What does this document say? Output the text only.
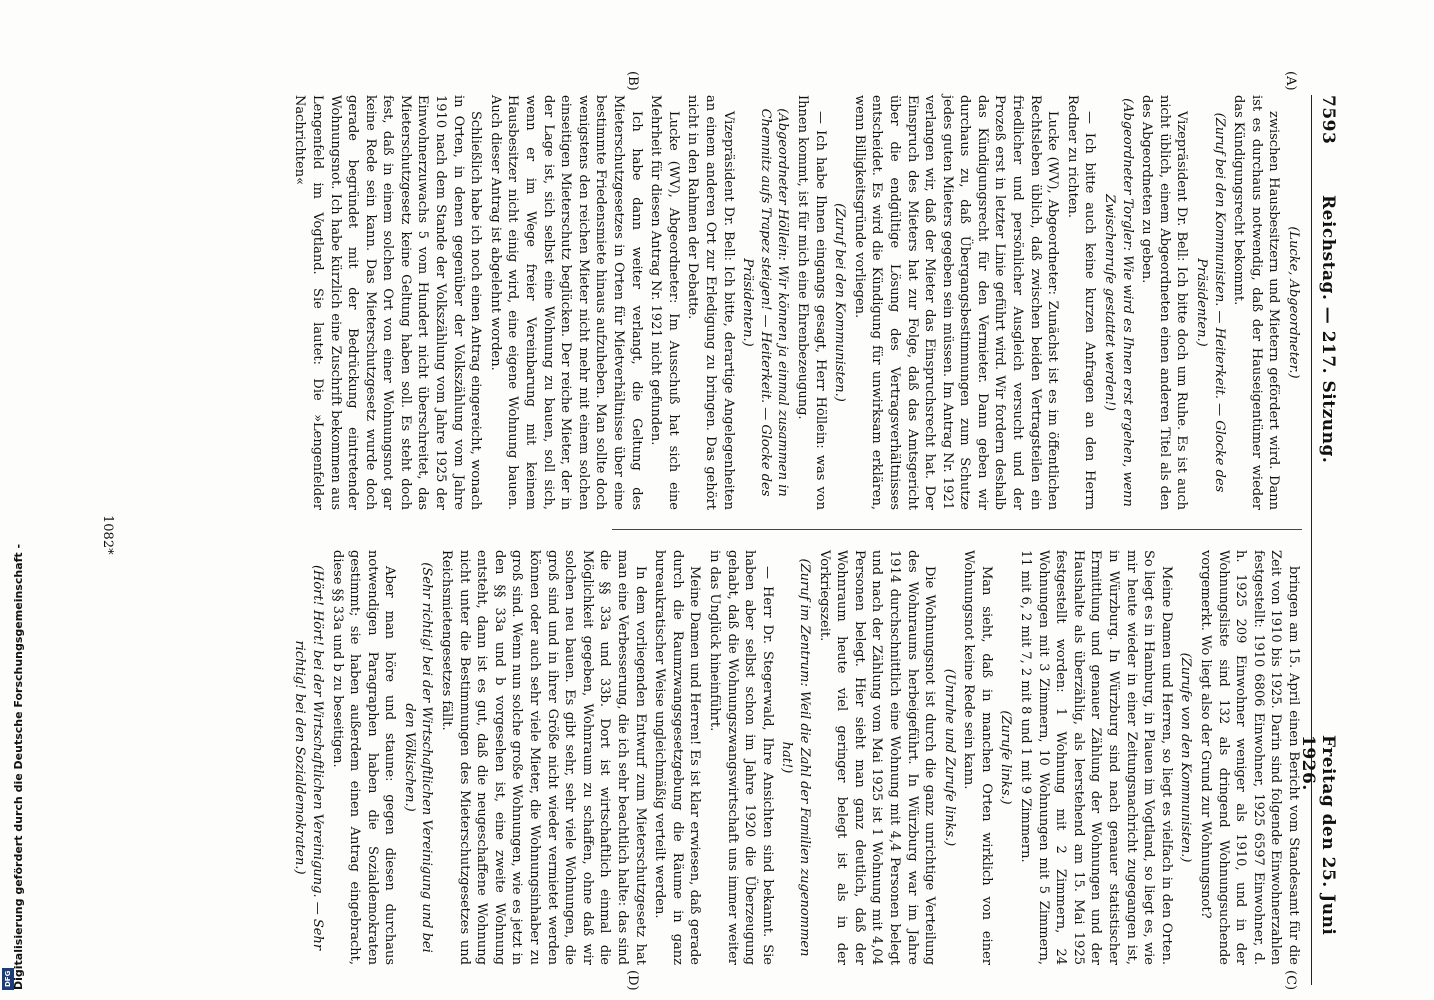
7593
Reichstag. — 217. Sitzung.
Freitag den 25. Juni 1926.
(A)
(B)
(C)
(D)

(Lucke, Abgeordneter.)

zwischen Hausbesitzern und Mietern gefördert wird. Dann ist es durchaus notwendig, daß der Hauseigentümer wieder das Kündigungsrecht bekommt.

(Zuruf bei den Kommunisten. — Heiterkeit. — Glocke des Präsidenten.)

Vizepräsident Dr. Bell: Ich bitte doch um Ruhe. Es ist auch nicht üblich, einem Abgeordneten einen anderen Titel als den des Abgeordneten zu geben.

(Abgeordneter Torgler: Wie wird es Ihnen erst ergehen, wenn Zwischenrufe gestattet werden!)

— Ich bitte auch keine kurzen Anfragen an den Herrn Redner zu richten.

Lucke (WV), Abgeordneter: Zunächst ist es im öffentlichen Rechtsleben üblich, daß zwischen beiden Vertragsteilen ein friedlicher und persönlicher Ausgleich versucht und der Prozeß erst in letzter Linie geführt wird. Wir fordern deshalb das Kündigungsrecht für den Vermieter. Dann geben wir durchaus zu, daß Übergangsbestimmungen zum Schutze jedes guten Mieters gegeben sein müssen. Im Antrag Nr. 1921 verlangen wir, daß der Mieter das Einspruchsrecht hat. Der Einspruch des Mieters hat zur Folge, daß das Amtsgericht über die endgültige Lösung des Vertragsverhältnisses entscheidet. Es wird die Kündigung für unwirksam erklären, wenn Billigkeitsgründe vorliegen.

(Zuruf bei den Kommunisten.)

— Ich habe Ihnen eingangs gesagt, Herr Höllein: was von Ihnen kommt, ist für mich eine Ehrenbezeugung.

(Abgeordneter Höllein: Wir können ja einmal zusammen in Chemnitz aufs Trapez steigen! — Heiterkeit. — Glocke des Präsidenten.)

Vizepräsident Dr. Bell: Ich bitte, derartige Angelegenheiten an einem anderen Ort zur Erledigung zu bringen. Das gehört nicht in den Rahmen der Debatte.

Lucke (WV), Abgeordneter: Im Ausschuß hat sich eine Mehrheit für diesen Antrag Nr. 1921 nicht gefunden.

Ich habe dann weiter verlangt, die Geltung des Mieterschutzgesetzes in Orten für Mietverhältnisse über eine bestimmte Friedensmiete hinaus aufzuheben. Man sollte doch wenigstens den reichen Mieter nicht mehr mit einem solchen einseitigen Mieterschutz beglücken. Der reiche Mieter, der in der Lage ist, sich selbst eine Wohnung zu bauen, soll sich, wenn er im Wege freier Vereinbarung mit keinem Hausbesitzer nicht einig wird, eine eigene Wohnung bauen. Auch dieser Antrag ist abgelehnt worden.

Schließlich habe ich noch einen Antrag eingereicht, wonach in Orten, in denen gegenüber der Volkszählung vom Jahre 1910 nach dem Stande der Volkszählung vom Jahre 1925 der Einwohnerzuwachs 5 vom Hundert nicht überschreitet, das Mieterschutzgesetz keine Geltung haben soll. Es steht doch fest, daß in einem solchen Ort von einer Wohnungsnot gar keine Rede sein kann. Das Mieterschutzgesetz wurde doch gerade begründet mit der Bedrückung eintretender Wohnungsnot. Ich habe kürzlich eine Zuschrift bekommen aus Lengenfeld im Vogtland. Sie lautet: Die »Lengenfelder Nachrichten«

bringen am 15. April einen Bericht vom Standesamt für die Zeit von 1910 bis 1925. Darin sind folgende Einwohnerzahlen festgestellt: 1910 6806 Einwohner, 1925 6597 Einwohner, d. h. 1925 209 Einwohner weniger als 1910, und in der Wohnungsliste sind 132 als dringend Wohnungsuchende vorgemerkt. Wo liegt also der Grund zur Wohnungsnot?

(Zurufe von den Kommunisten.)

Meine Damen und Herren, so liegt es vielfach in den Orten. So liegt es in Hamburg, in Plauen im Vogtland, so liegt es, wie mir heute wieder in einer Zeitungsnachricht zugegangen ist, in Würzburg. In Würzburg sind nach genauer statistischer Ermittlung und genauer Zählung der Wohnungen und der Haushalte als überzählig, als leerstehend am 15. Mai 1925 festgestellt worden: 1 Wohnung mit 2 Zimmern, 24 Wohnungen mit 3 Zimmern, 10 Wohnungen mit 5 Zimmern, 11 mit 6, 2 mit 7, 2 mit 8 und 1 mit 9 Zimmern.

(Zurufe links.)

Man sieht, daß in manchen Orten wirklich von einer Wohnungsnot keine Rede sein kann.

(Unruhe und Zurufe links.)

Die Wohnungsnot ist durch die ganz unrichtige Verteilung des Wohnraums herbeigeführt. In Würzburg war im Jahre 1914 durchschnittlich eine Wohnung mit 4,4 Personen belegt und nach der Zählung vom Mai 1925 ist 1 Wohnung mit 4,04 Personen belegt. Hier sieht man ganz deutlich, daß der Wohnraum heute viel geringer belegt ist als in der Vorkriegszeit.

(Zuruf im Zentrum: Weil die Zahl der Familien zugenommen hat!)

— Herr Dr. Stegerwald, Ihre Ansichten sind bekannt. Sie haben aber selbst schon im Jahre 1920 die Überzeugung gehabt, daß die Wohnungszwangswirtschaft uns immer weiter in das Unglück hineinführt.

Meine Damen und Herren! Es ist klar erwiesen, daß gerade durch die Raumzwangsgesetzgebung die Räume in ganz bureaukratischer Weise ungleichmäßig verteilt werden.

In dem vorliegenden Entwurf zum Mieterschutzgesetz hat man eine Verbesserung, die ich sehr beachtlich halte: das sind die §§ 33a und 33b. Dort ist wirtschaftlich einmal die Möglichkeit gegeben, Wohnraum zu schaffen, ohne daß wir solchen neu bauen. Es gibt sehr, sehr viele Wohnungen, die groß sind und in ihrer Größe nicht wieder vermietet werden können oder auch sehr viele Mieter, die Wohnungsinhaber zu groß sind. Wenn nun solche große Wohnungen, wie es jetzt in den §§ 33a und b vorgesehen ist, eine zweite Wohnung entsteht, dann ist es gut, daß die neugeschaffene Wohnung nicht unter die Bestimmungen des Mieterschutzgesetzes und Reichsmietengesetzes fällt.

(Sehr richtig! bei der Wirtschaftlichen Vereinigung und bei den Völkischen.)

Aber man höre und staune: gegen diesen durchaus notwendigen Paragraphen haben die Sozialdemokraten gestimmt; sie haben außerdem einen Antrag eingebracht, diese §§ 33a und b zu beseitigen.

(Hört! Hört! bei der Wirtschaftlichen Vereinigung. — Sehr richtig! bei den Sozialdemokraten.)

1082*
DFG Digitalisierung gefördert durch die Deutsche Forschungsgemeinschaft -
